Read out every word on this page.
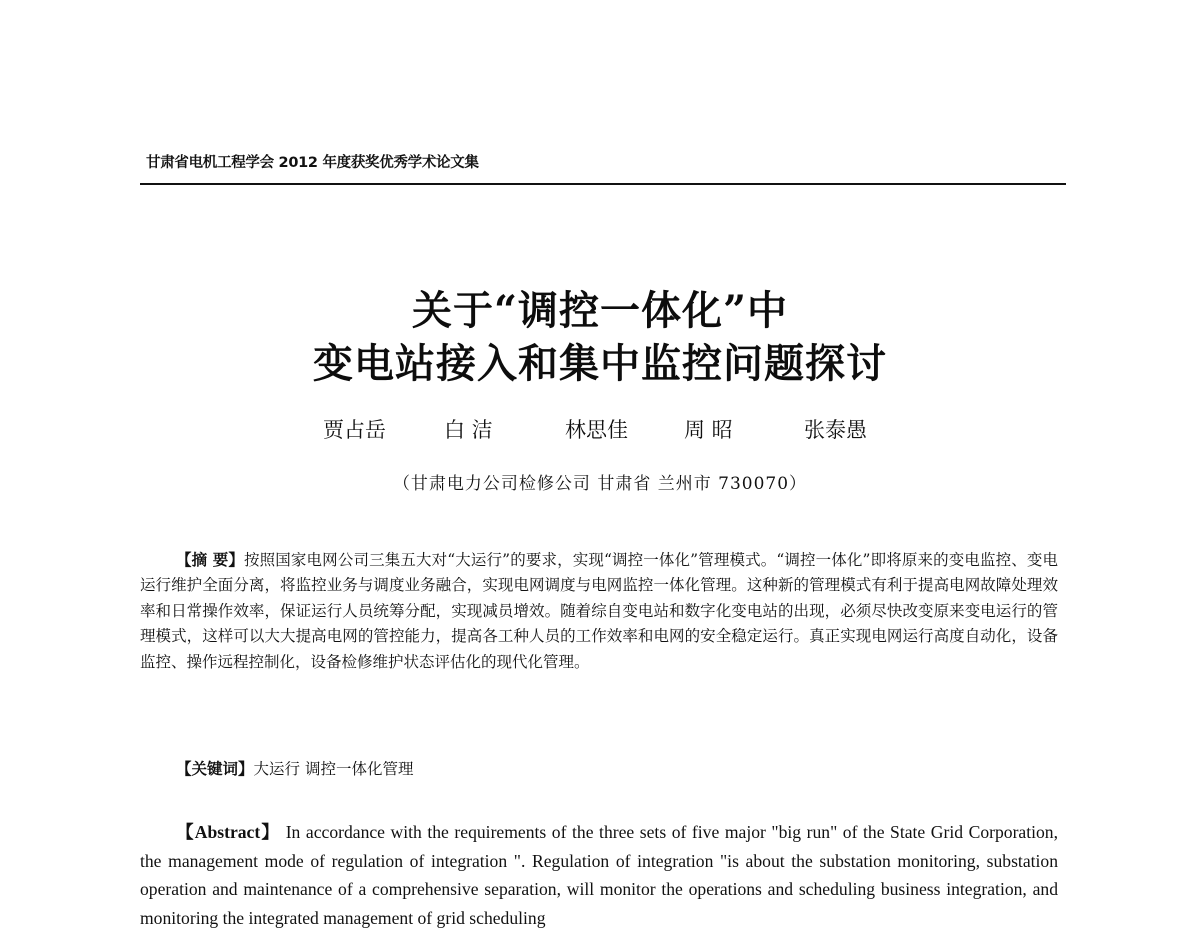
甘肃省电机工程学会 2012 年度获奖优秀学术论文集
关于“调控一体化”中
变电站接入和集中监控问题探讨
贾占岳	白 洁	林思佳	周 昭	张泰愚
（甘肃电力公司检修公司 甘肃省 兰州市 730070）

【摘 要】按照国家电网公司三集五大对“大运行”的要求，实现“调控一体化”管理模式。“调控一体化”即将原来的变电监控、变电运行维护全面分离，将监控业务与调度业务融合，实现电网调度与电网监控一体化管理。这种新的管理模式有利于提高电网故障处理效率和日常操作效率，保证运行人员统筹分配，实现减员增效。随着综自变电站和数字化变电站的出现，必须尽快改变原来变电运行的管理模式，这样可以大大提高电网的管控能力，提高各工种人员的工作效率和电网的安全稳定运行。真正实现电网运行高度自动化，设备监控、操作远程控制化，设备检修维护状态评估化的现代化管理。

【关键词】大运行 调控一体化管理

【Abstract】 In accordance with the requirements of the three sets of five major "big run" of the State Grid Corporation, the management mode of regulation of integration ". Regulation of integration "is about the substation monitoring, substation operation and maintenance of a comprehensive separation, will monitor the operations and scheduling business integration, and monitoring the integrated management of grid scheduling
